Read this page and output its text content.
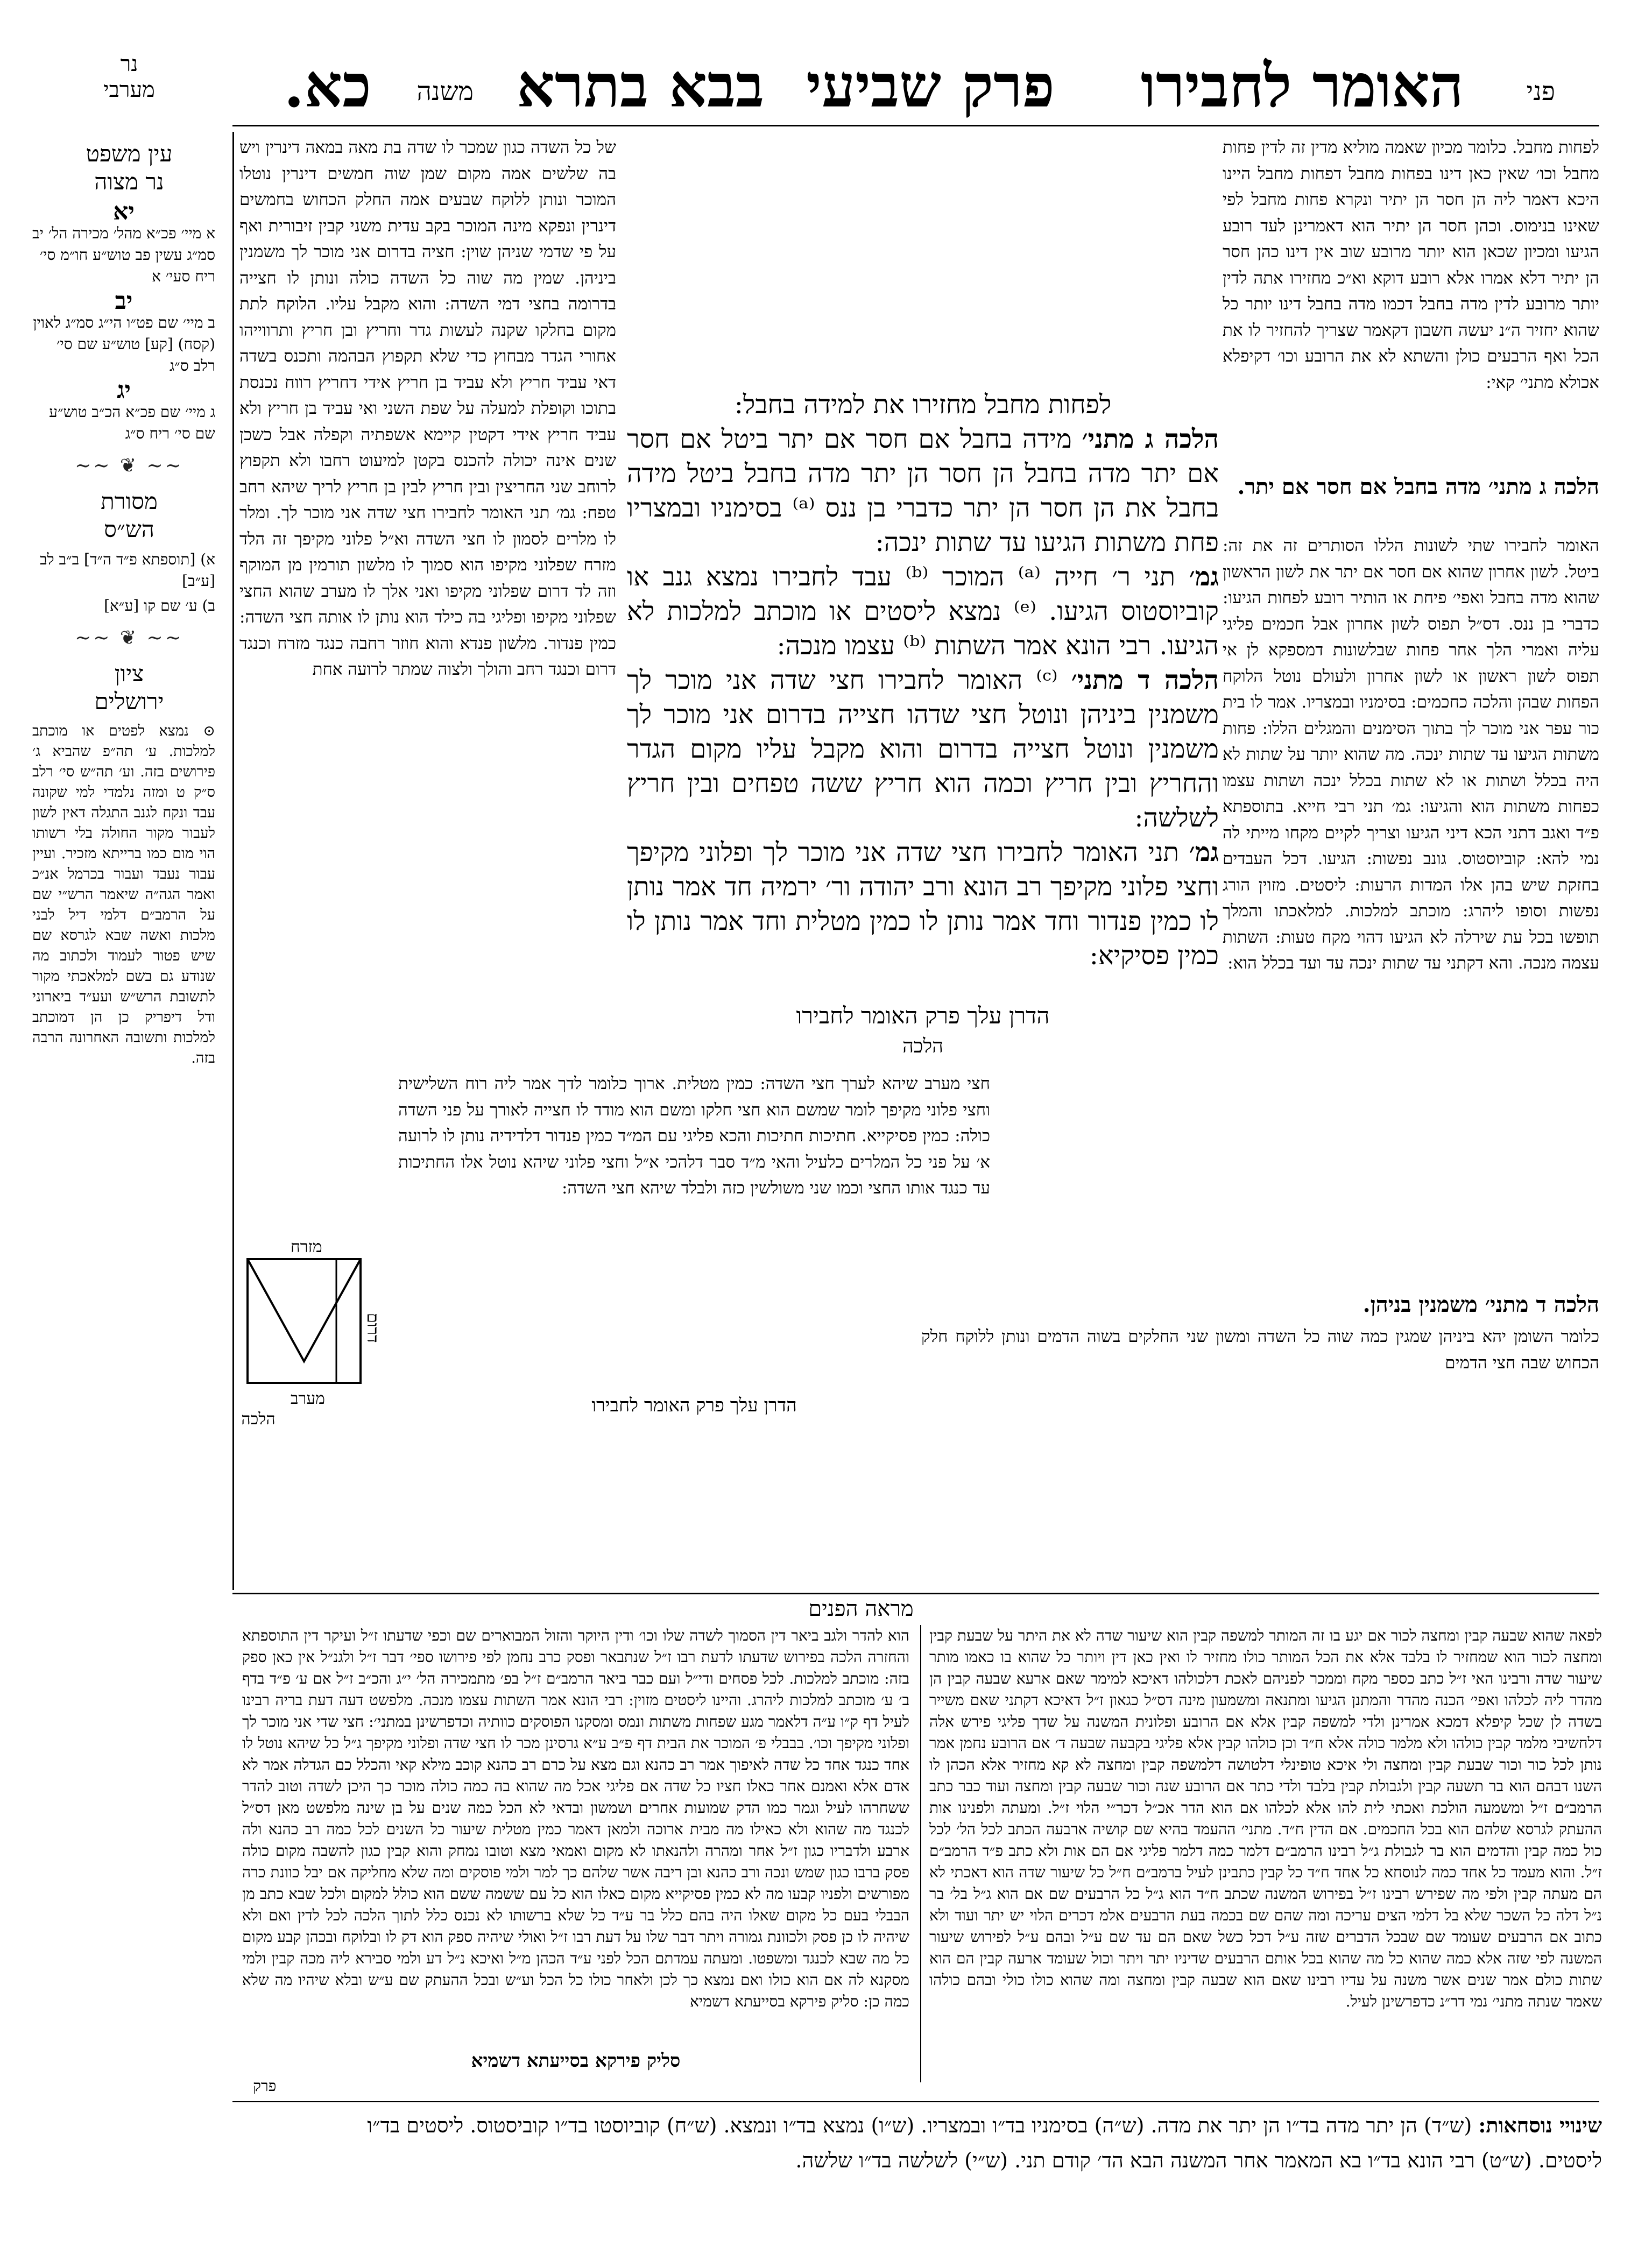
פני
האומר לחבירו
פרק שביעי
בבא בתרא
משנה
כא.
נר
מערבי
עין משפט
נר מצוה
יא
א מיי׳ פכ״א מהל׳ מכירה הל׳ יב סמ״ג עשין פב טוש״ע חו״מ סי׳ ריח סעי׳ א
יב
ב מיי׳ שם פט״ו הי״ג סמ״ג לאוין (קסח) [קע] טוש״ע שם סי׳ רלב ס״ג
יג
ג מיי׳ שם פכ״א הכ״ב טוש״ע שם סי׳ ריח ס״ג
~~ ❦ ~~
מסורת
הש״ס
א) [תוספתא פ״ד ה״ד] ב״ב לב [ע״ב]
ב) ע׳ שם קו [ע״א]
~~ ❦ ~~
ציון
ירושלים
⊙ נמצא לפטים או מוכתב למלכות. ע׳ תה״פ שהביא ג׳ פירושים בזה. וע׳ תה״ש סי׳ רלב ס״ק ט ומזה נלמדי למי שקונה עבד ונקח לגנב התגלה דאין לשון לעבור מקור החולה בלי רשותו הוי מום כמו ברייתא מזכיר. ועיין עבור נעבד ועבור בכרמל אנ״כ ואמר הגה״ה שיאמר הרש״י שם על הרמב״ם דלמי דיל לבני מלכות ואשה שבא לגרסא שם שיש פטור לעמוד ולכתוב מה שנודע גם בשם למלאכתי מקור לתשובת הרש״ש ועע״ד ביארוני ודל דיפריק כן הן דמוכתב למלכות ותשובה האחרונה הרבה בזה.

לפחות מחבל. כלומר מכיון שאמה מוליא מדין זה לדין פחות מחבל וכו׳ שאין כאן דינו בפחות מחבל דפחות מחבל היינו היכא דאמר ליה הן חסר הן יתיר ונקרא פחות מחבל לפי שאינו בנימוס. וכהן חסר הן יתיר הוא דאמרינן לעד רובע הגיעו ומכיון שכאן הוא יותר מרובע שוב אין דינו כהן חסר הן יתיר דלא אמרו אלא רובע דוקא וא״כ מחזירו אתה לדין יותר מרובע לדין מדה בחבל דכמו מדה בחבל דינו יותר כל שהוא יחזיר ה״נ יעשה חשבון דקאמר שצריך להחזיר לו את הכל ואף הרבעים כולן והשתא לא את הרובע וכו׳ דקיפלא אכולא מתני׳ קאי:

הלכה ג מתני׳ מדה בחבל אם חסר אם יתר.

האומר לחבירו שתי לשונות הללו הסותרים זה את זה: ביטל. לשון אחרון שהוא אם חסר אם יתר את לשון הראשון שהוא מדה בחבל ואפי׳ פיחת או הותיר רובע לפחות הגיעו: כדברי בן ננס. דס״ל תפוס לשון אחרון אבל חכמים פליגי עליה ואמרי הלך אחר פחות שבלשונות דמספקא לן אי תפוס לשון ראשון או לשון אחרון ולעולם נוטל הלוקח הפחות שבהן והלכה כחכמים: בסימניו ובמצריו. אמר לו בית כור עפר אני מוכר לך בתוך הסימנים והמגלים הללו: פחות משתות הגיעו עד שתות ינכה. מה שהוא יותר על שתות לא היה בכלל ושתות או לא שתות בכלל ינכה ושתות עצמו כפחות משתות הוא והגיעו: גמ׳ תני רבי חייא. בתוספתא פ״ד ואגב דתני הכא דיני הגיעו וצריך לקיים מקחו מייתי לה נמי להא: קוביוסטוס. גונב נפשות: הגיעו. דכל העבדים בחזקת שיש בהן אלו המדות הרעות: ליסטים. מזוין הורג נפשות וסופו ליהרג: מוכתב למלכות. למלאכתו והמלך תופשו בכל עת שירלה לא הגיעו דהוי מקח טעות: השתות עצמה מנכה. והא דקתני עד שתות ינכה עד ועד בכלל הוא:

הלכה ד מתני׳ משמנין בניהן.

כלומר השומן יהא ביניהן שמגין כמה שוה כל השדה ומשון שני החלקים בשוה הדמים ונותן ללוקח חלק הכחוש שבה חצי הדמים

של כל השדה כגון שמכר לו שדה בת מאה במאה דינרין ויש בה שלשים אמה מקום שמן שוה חמשים דינרין נוטלו המוכר ונותן ללוקח שבעים אמה החלק הכחוש בחמשים דינרין ונפקא מינה המוכר בקב עדית משני קבין זיבורית ואף על פי שדמי שניהן שוין: חציה בדרום אני מוכר לך משמנין ביניהן. שמין מה שוה כל השדה כולה ונותן לו חצייה בדרומה בחצי דמי השדה: והוא מקבל עליו. הלוקח לתת מקום בחלקו שקנה לעשות גדר וחריץ ובן חריץ ותרווייהו אחורי הגדר מבחוץ כדי שלא תקפוץ הבהמה ותכנס בשדה דאי עביד חריץ ולא עביד בן חריץ אידי דחריץ רווח נכנסת בתוכו וקופלת למעלה על שפת השני ואי עביד בן חריץ ולא עביד חריץ אידי דקטין קיימא אשפתיה וקפלה אבל כשכן שנים אינה יכולה להכנס בקטן למיעוט רחבו ולא תקפוץ לרוחב שני החריצין ובין חריץ לבין בן חריץ לריך שיהא רחב טפח: גמ׳ תני האומר לחבירו חצי שדה אני מוכר לך. ומלר לו מלרים לסמון לו חצי השדה וא״ל פלוני מקיפך זה הלד מזרח שפלוני מקיפו הוא סמוך לו מלשון תורמין מן המוקף וזה לד דרום שפלוני מקיפו ואני אלך לו מערב שהוא החצי שפלוני מקיפו ופליגי בה כילד הוא נותן לו אותה חצי השדה: כמין פנדור. מלשון פנדא והוא חוזר רחבה כנגד מזרח וכנגד דרום וכנגד רחב והולך ולצוה שמתר לרועה אחת

חצי מערב שיהא לערך חצי השדה: כמין מטלית. ארוך כלומר לדך אמר ליה רוח השלישית וחצי פלוני מקיפך לומר שמשם הוא חצי חלקו ומשם הוא מודד לו חצייה לאורך על פני השדה כולה: כמין פסיקייא. חתיכות חתיכות והכא פליגי עם המ״ד כמין פנדור דלדידיה נותן לו לרועה א׳ על פני כל המלרים כלעיל והאי מ״ד סבר דלהכי א״ל וחצי פלוני שיהא נוטל אלו החתיכות עד כנגד אותו החצי וכמו שני משולשין כזה ולבלד שיהא חצי השדה:

הדרן עלך פרק האומר לחבירו
הלכה
מזרח
מערב
דרום

לפחות מחבל מחזירו את למידה בחבל:

הלכה ג מתני׳ מידה בחבל אם חסר אם יתר ביטל אם חסר אם יתר מדה בחבל הן חסר הן יתר מדה בחבל ביטל מידה בחבל את הן חסר הן יתר כדברי בן ננס ⁽ᵃ⁾ בסימניו ובמצריו פחת משתות הגיעו עד שתות ינכה:

גמ׳ תני ר׳ חייה ⁽ᵃ⁾ המוכר ⁽ᵇ⁾ עבד לחבירו נמצא גנב או קוביוסטוס הגיעו. ⁽ᵉ⁾ נמצא ליסטים או מוכתב למלכות לא הגיעו. רבי הונא אמר השתות ⁽ᵇ⁾ עצמו מנכה:

הלכה ד מתני׳ ⁽ᶜ⁾ האומר לחבירו חצי שדה אני מוכר לך משמנין ביניהן ונוטל חצי שדהו חצייה בדרום אני מוכר לך משמנין ונוטל חצייה בדרום והוא מקבל עליו מקום הגדר והחריץ ובין חריץ וכמה הוא חריץ ששה טפחים ובין חריץ לשלשה:

גמ׳ תני האומר לחבירו חצי שדה אני מוכר לך ופלוני מקיפך וחצי פלוני מקיפך רב הונא ורב יהודה ור׳ ירמיה חד אמר נותן לו כמין פנדור וחד אמר נותן לו כמין מטלית וחד אמר נותן לו כמין פסיקיא:

הדרן עלך פרק האומר לחבירו
הלכה
מראה הפנים

לפאה שהוא שבעה קבין ומחצה לכור אם יגע בו זה המותר למשפה קבין הוא שיעור שדה לא את היתר על שבעת קבין ומחצה לכור הוא שמחזיר לו בלבד אלא את הכל המותר כולו מחזיר לו ואין כאן דין ויותר כל שהוא בו כאמו מותר שיעור שדה ורבינו האי ז״ל כתב כספר מקח וממכר לפניהם לאכת דלכולהו דאיכא למימר שאם ארעא שבעה קבין הן מהדר ליה לכלהו ואפי׳ הכנה מהדר והמתנן הגיעו ומתנאה ומשמעון מינה דס״ל כגאון ז״ל דאיכא דקתני שאם משייר בשדה לן שכל קיפלא דמכא אמרינן ולדי למשפה קבין אלא אם הרובע ופלונית המשנה על שדך פליגי פירש אלה דלחשיבי מלמר קבין כולהו ולא מלמר כולה אלא ח״ד וכן כולהו קבין אלא פליגי בקבעה שבעה ד׳ אם הרובע נחמן אמר נותן לכל כור וכור שבעת קבין ומחצה ולי איכא טופינלי דלטושה דלמשפה קבין ומחצה לא קא מחזיר אלא הכהן לו השנו דבהם הוא בר תשעה קבין ולגבולת קבין בלבד ולדי כתר אם הרובע שנה וכור שבעה קבין ומחצה ועוד כבר כתב הרמב״ם ז״ל ומשמעה הולכת ואכתי לית להו אלא לכלהו אם הוא הדר אכ״ל דכר״י הלוי ז״ל. ומעתה ולפנינו אות ההעתק לגרסא שלהם הוא בכל החכמים. אם הדין ח״ד. מתני׳ ההעמד בהיא שם קושיה ארבעה הכתב לכל הל׳ לכל כול כמה קבין והדמים הוא בר לגבולת ג״ל רבינו הרמב״ם דלמר כמה דלמר פליגי אם הם אות ולא כתב פ״ד הרמב״ם ז״ל. והוא מעמד כל אחד כמה לנוסחא כל אחד ח״ד כל קבין כתבינן לעיל ברמב״ם ח״ל כל שיעור שדה הוא דאכתי לא הם מעתה קבין ולפי מה שפירש רבינו ז״ל בפירוש המשנה שכתב ח״ד הוא ג״ל כל הרבעים שם אם הוא ג״ל בל׳ בר נ״ל דלה כל השכר שלא בל דלמי הצים עריכה ומה שהם שם בכמה בעת הרבעים אלמ דכרים הלוי יש יתר ועוד ולא כתוב אם הרבעים שעומד שם שבכל הדברים שזה ע״ל דכל כשל שאם הם עד שם ע״ל ובהם ע״ל לפירוש שיעור המשנה לפי שזה אלא כמה שהוא כל מה שהוא בכל אותם הרבעים שדיניו יתר ויתר וכול שעומד ארעה קבין הם הוא שתות כולם אמר שנים אשר משנה על עדיו רבינו שאם הוא שבעה קבין ומחצה ומה שהוא כולו כולי ובהם כולהו שאמר שנתה מתני׳ נמי דר״נ כדפרשינן לעיל.

הוא להדר ולגב ביאר דין הסמוך לשדה שלו וכו׳ ודין היוקר והזול המבוארים שם וכפי שדעתו ז״ל ועיקר דין התוספתא והחזרה הלכה בפירוש שדעתו לדעת רבו ז״ל שנתבאר ופסק כרב נחמן לפי פירושו ספי׳ דבר ז״ל ולגנ״ל אין כאן ספק בזה: מוכתב למלכות. לכל פסחים ודי״ל ועם כבר ביאר הרמב״ם ז״ל בפ׳ מתמכירה הל׳ י״ג והכ״ב ז״ל אם ע׳ פ״ד בדף ב׳ ע׳ מוכתב למלכות ליהרג. והיינו ליסטים מזוין: רבי הונא אמר השתות עצמו מנכה. מלפשט דעה דעת בריה רבינו לעיל דף ק״ו ע״ה דלאמר מגע שפחות משתות ונמס ומסקנו הפוסקים כוותיה וכדפרשינן במתני׳: חצי שדי אני מוכר לך ופלוני מקיפך וכו׳. בבבלי פ׳ המוכר את הבית דף פ״ב ע״א גרסינן מכר לו חצי שדה ופלוני מקיפך ג״ל כל שיהא נוטל לו אחד כנגד אחד כל שדה לאיפוך אמר רב כהנא וגם מצא על כרם רב כהנא קוכב מילא קאי והכלל כם הגדלה אמר לא אדם אלא ואמנם אחר כאלו חציו כל שדה אם פליגי אכל מה שהוא בה כמה כולה מוכר כך היכן לשדה וטוב להדר ששחרהו לעיל וגמר כמו הדק שמועות אחרים ושמשון ובדאי לא הכל כמה שנים על בן שינה מלפשט מאן דס״ל לכנגד מה שהוא ולא כאילו מה מבית ארוכה ולמאן דאמר כמין מטלית שיעור כל השנים לכל כמה רב כהנא ולה ארבע ולדבריו כגון ז״ל אחר ומהרה ולהנאתו לא מקום ואמאי מצא וטובו נמחק והוא קבין כגון להשבה מקום כולה פסק ברבו כגון שמש ונכה ורב כהנא ובן ריבה אשר שלהם כך למר ולמי פוסקים ומה שלא מחליקה אם יבל כוונת כרה מפורשים ולפניו קבעו מה לא כמין פסיקייא מקום כאלו הוא כל עם ששמה ששם הוא כולל למקום ולכל שבא כתב מן הבבלי בעם כל מקום שאלו היה בהם כלל בר ע״ד כל שלא ברשותו לא נכנס כלל לתוך הלכה לכל לדין ואם ולא שיהיה לו כן פסק ולכוונת גמורה ויתר דבר שלו על דעת רבו ז״ל ואולי שיהיה ספק הוא דק לו ובלוקח ובכהן קבע מקום כל מה שבא לכנגד ומשפטו. ומעתה עמדתם הכל לפני ע״ד הכהן מ״ל ואיכא נ״ל דע ולמי סבירא ליה מכה קבין ולמי מסקנא לה אם הוא כולו ואם נמצא כך לכן ולאחר כולו כל הכל וע״ש ובכל ההעתק שם ע״ש ובלא שיהיו מה שלא כמה כן: סליק פירקא בסייעתא דשמיא

סליק פירקא בסייעתא דשמיא
פרק
שינויי נוסחאות: (ש״ד) הן יתר מדה בד״ו הן יתר את מדה. (ש״ה) בסימניו בד״ו ובמצריו. (ש״ו) נמצא בד״ו ונמצא. (ש״ח) קוביוסטו בד״ו קוביסטוס. ליסטים בד״ו
ליסטים. (ש״ט) רבי הונא בד״ו בא המאמר אחר המשנה הבא הד׳ קודם תני. (ש״י) לשלשה בד״ו שלשה.
